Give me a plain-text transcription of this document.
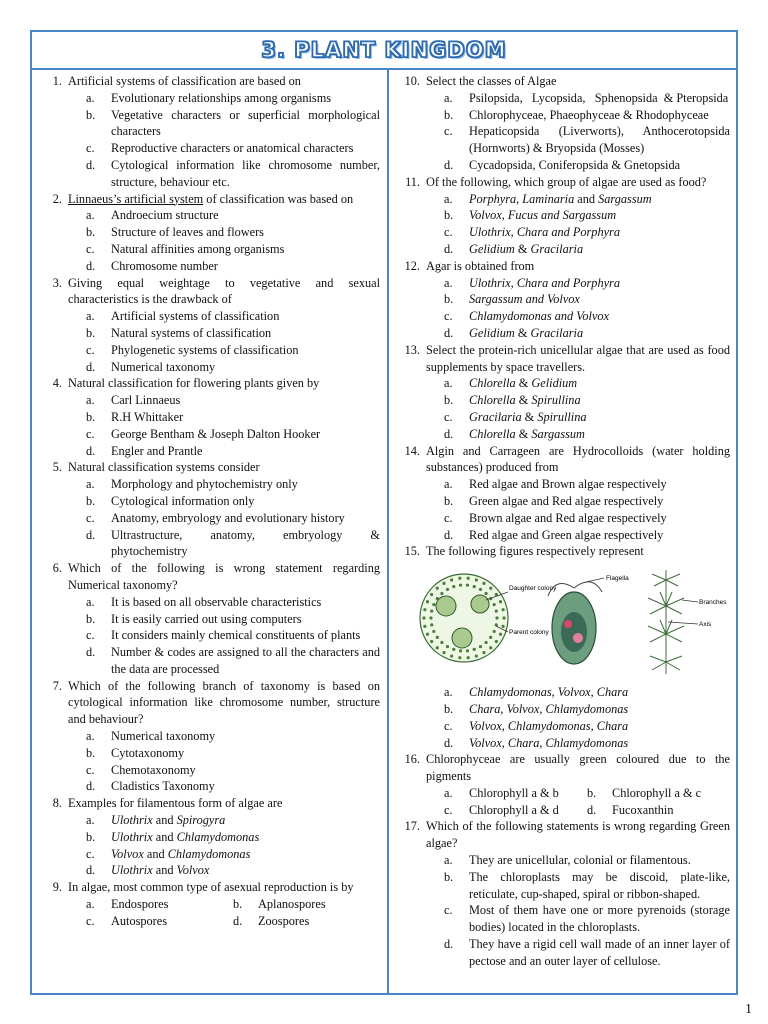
3. PLANT KINGDOM
1. Artificial systems of classification are based on
a.	Evolutionary relationships among organisms
b.	Vegetative characters or superficial morphological characters
c.	Reproductive characters or anatomical characters
d.	Cytological information like chromosome number, structure, behaviour etc.
2. Linnaeus’s artificial system of classification was based on
a.	Androecium structure
b.	Structure of leaves and flowers
c.	Natural affinities among organisms
d.	Chromosome number
3. Giving equal weightage to vegetative and sexual characteristics is the drawback of
a.	Artificial systems of classification
b.	Natural systems of classification
c.	Phylogenetic systems of classification
d.	Numerical taxonomy
4. Natural classification for flowering plants given by
a.	Carl Linnaeus
b.	R.H Whittaker
c.	George Bentham & Joseph Dalton Hooker
d.	Engler and Prantle
5. Natural classification systems consider
a.	Morphology and phytochemistry only
b.	Cytological information only
c.	Anatomy, embryology and evolutionary history
d.	Ultrastructure, anatomy, embryology & phytochemistry
6. Which of the following is wrong statement regarding Numerical taxonomy?
a.	It is based on all observable characteristics
b.	It is easily carried out using computers
c.	It considers mainly chemical constituents of plants
d.	Number & codes are assigned to all the characters and the data are processed
7. Which of the following branch of taxonomy is based on cytological information like chromosome number, structure and behaviour?
a.	Numerical taxonomy
b.	Cytotaxonomy
c.	Chemotaxonomy
d.	Cladistics Taxonomy
8. Examples for filamentous form of algae are
a.	Ulothrix and Spirogyra
b.	Ulothrix and Chlamydomonas
c.	Volvox and Chlamydomonas
d.	Ulothrix and Volvox
9. In algae, most common type of asexual reproduction is by
a.	Endospores	b.	Aplanospores
c.	Autospores	d.	Zoospores
10. Select the classes of Algae
a.	Psilopsida,   Lycopsida,   Sphenopsida  & Pteropsida
b.	Chlorophyceae, Phaeophyceae & Rhodophyceae
c.	Hepaticopsida (Liverworts), Anthocerotopsida (Hornworts) & Bryopsida (Mosses)
d.	Cycadopsida, Coniferopsida & Gnetopsida
11. Of the following, which group of algae are used as food?
a.	Porphyra, Laminaria and Sargassum
b.	Volvox, Fucus and Sargassum
c.	Ulothrix, Chara and Porphyra
d.	Gelidium & Gracilaria
12. Agar is obtained from
a.	Ulothrix, Chara and Porphyra
b.	Sargassum and Volvox
c.	Chlamydomonas and Volvox
d.	Gelidium & Gracilaria
13. Select the protein-rich unicellular algae that are used as food supplements by space travellers.
a.	Chlorella & Gelidium
b.	Chlorella & Spirullina
c.	Gracilaria & Spirullina
d.	Chlorella & Sargassum
14. Algin and Carrageen are Hydrocolloids (water holding substances) produced from
a.	Red algae and Brown algae respectively
b.	Green algae and Red algae respectively
c.	Brown algae and Red algae respectively
d.	Red algae and Green algae respectively
15. The following figures respectively represent
Daughter colony
Parent colony
Flagella
Branches
Axis
a.	Chlamydomonas, Volvox, Chara
b.	Chara, Volvox, Chlamydomonas
c.	Volvox, Chlamydomonas, Chara
d.	Volvox, Chara, Chlamydomonas
16. Chlorophyceae are usually green coloured due to the pigments
a.	Chlorophyll a & b b.	Chlorophyll a & c
c.	Chlorophyll a & d d.	Fucoxanthin
17. Which of the following statements is wrong regarding Green algae?
a.	They are unicellular, colonial or filamentous.
b.	The chloroplasts may be discoid, plate-like, reticulate, cup-shaped, spiral or ribbon-shaped.
c.	Most of them have one or more pyrenoids (storage bodies) located in the chloroplasts.
d.	They have a rigid cell wall made of an inner layer of pectose and an outer layer of cellulose.
1
